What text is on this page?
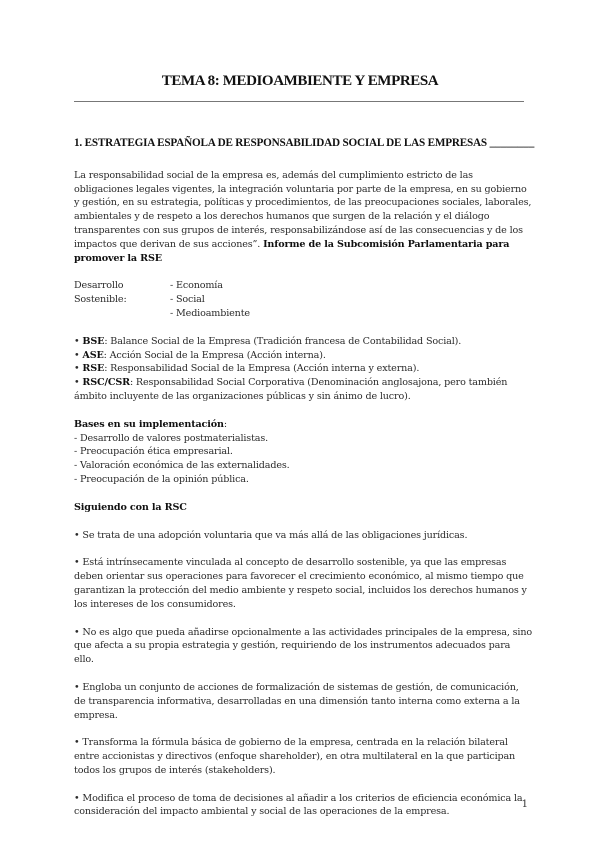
TEMA 8: MEDIOAMBIENTE Y EMPRESA

1. ESTRATEGIA ESPAÑOLA DE RESPONSABILIDAD SOCIAL DE LAS EMPRESAS ________

La responsabilidad social de la empresa es, además del cumplimiento estricto de las obligaciones legales vigentes, la integración voluntaria por parte de la empresa, en su gobierno y gestión, en su estrategia, políticas y procedimientos, de las preocupaciones sociales, laborales, ambientales y de respeto a los derechos humanos que surgen de la relación y el diálogo transparentes con sus grupos de interés, responsabilizándose así de las consecuencias y de los impactos que derivan de sus acciones”. Informe de la Subcomisión Parlamentaria para promover la RSE

Desarrollo Sostenible:
- Economía
- Social
- Medioambiente

• BSE: Balance Social de la Empresa (Tradición francesa de Contabilidad Social).

• ASE: Acción Social de la Empresa (Acción interna).

• RSE: Responsabilidad Social de la Empresa (Acción interna y externa).

• RSC/CSR: Responsabilidad Social Corporativa (Denominación anglosajona, pero también ámbito incluyente de las organizaciones públicas y sin ánimo de lucro).

Bases en su implementación:

- Desarrollo de valores postmaterialistas.

- Preocupación ética empresarial.

- Valoración económica de las externalidades.

- Preocupación de la opinión pública.

Siguiendo con la RSC

• Se trata de una adopción voluntaria que va más allá de las obligaciones jurídicas.

• Está intrínsecamente vinculada al concepto de desarrollo sostenible, ya que las empresas deben orientar sus operaciones para favorecer el crecimiento económico, al mismo tiempo que garantizan la protección del medio ambiente y respeto social, incluidos los derechos humanos y los intereses de los consumidores.

• No es algo que pueda añadirse opcionalmente a las actividades principales de la empresa, sino que afecta a su propia estrategia y gestión, requiriendo de los instrumentos adecuados para ello.

• Engloba un conjunto de acciones de formalización de sistemas de gestión, de comunicación, de transparencia informativa, desarrolladas en una dimensión tanto interna como externa a la empresa.

• Transforma la fórmula básica de gobierno de la empresa, centrada en la relación bilateral entre accionistas y directivos (enfoque shareholder), en otra multilateral en la que participan todos los grupos de interés (stakeholders).

• Modifica el proceso de toma de decisiones al añadir a los criterios de eficiencia económica la consideración del impacto ambiental y social de las operaciones de la empresa.

1
